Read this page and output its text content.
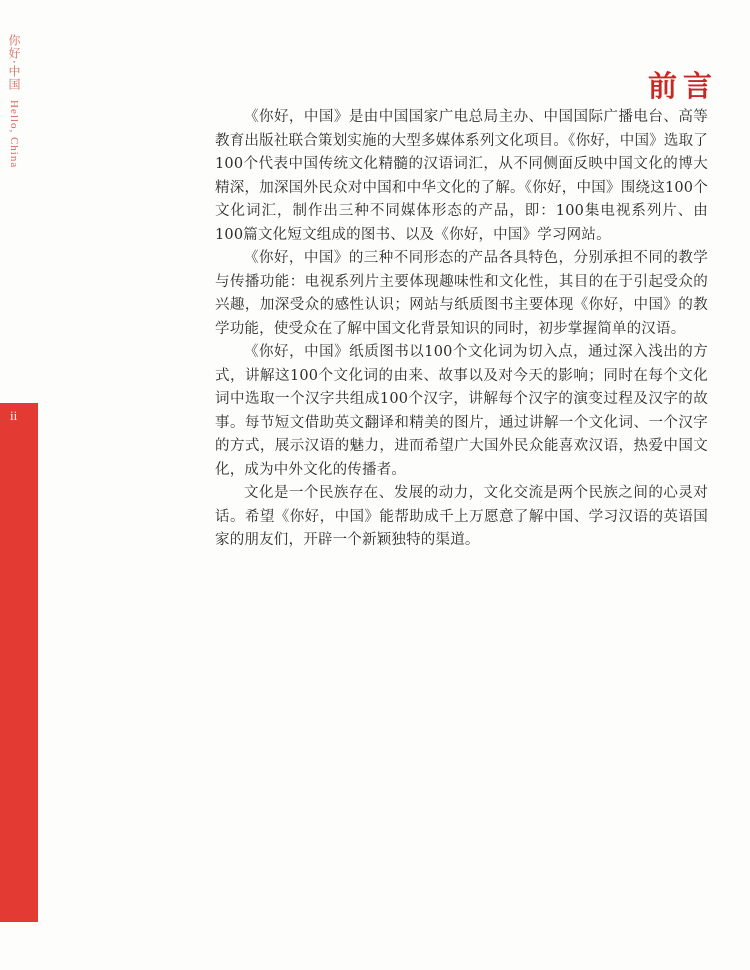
你好·中国 Hello, China
ii
前言

《你好，中国》是由中国国家广电总局主办、中国国际广播电台、高等教育出版社联合策划实施的大型多媒体系列文化项目。《你好，中国》选取了100个代表中国传统文化精髓的汉语词汇，从不同侧面反映中国文化的博大精深，加深国外民众对中国和中华文化的了解。《你好，中国》围绕这100个文化词汇，制作出三种不同媒体形态的产品，即：100集电视系列片、由100篇文化短文组成的图书、以及《你好，中国》学习网站。

《你好，中国》的三种不同形态的产品各具特色，分别承担不同的教学与传播功能：电视系列片主要体现趣味性和文化性，其目的在于引起受众的兴趣，加深受众的感性认识；网站与纸质图书主要体现《你好，中国》的教学功能，使受众在了解中国文化背景知识的同时，初步掌握简单的汉语。

《你好，中国》纸质图书以100个文化词为切入点，通过深入浅出的方式，讲解这100个文化词的由来、故事以及对今天的影响；同时在每个文化词中选取一个汉字共组成100个汉字，讲解每个汉字的演变过程及汉字的故事。每节短文借助英文翻译和精美的图片，通过讲解一个文化词、一个汉字的方式，展示汉语的魅力，进而希望广大国外民众能喜欢汉语，热爱中国文化，成为中外文化的传播者。

文化是一个民族存在、发展的动力，文化交流是两个民族之间的心灵对话。希望《你好，中国》能帮助成千上万愿意了解中国、学习汉语的英语国家的朋友们，开辟一个新颖独特的渠道。
